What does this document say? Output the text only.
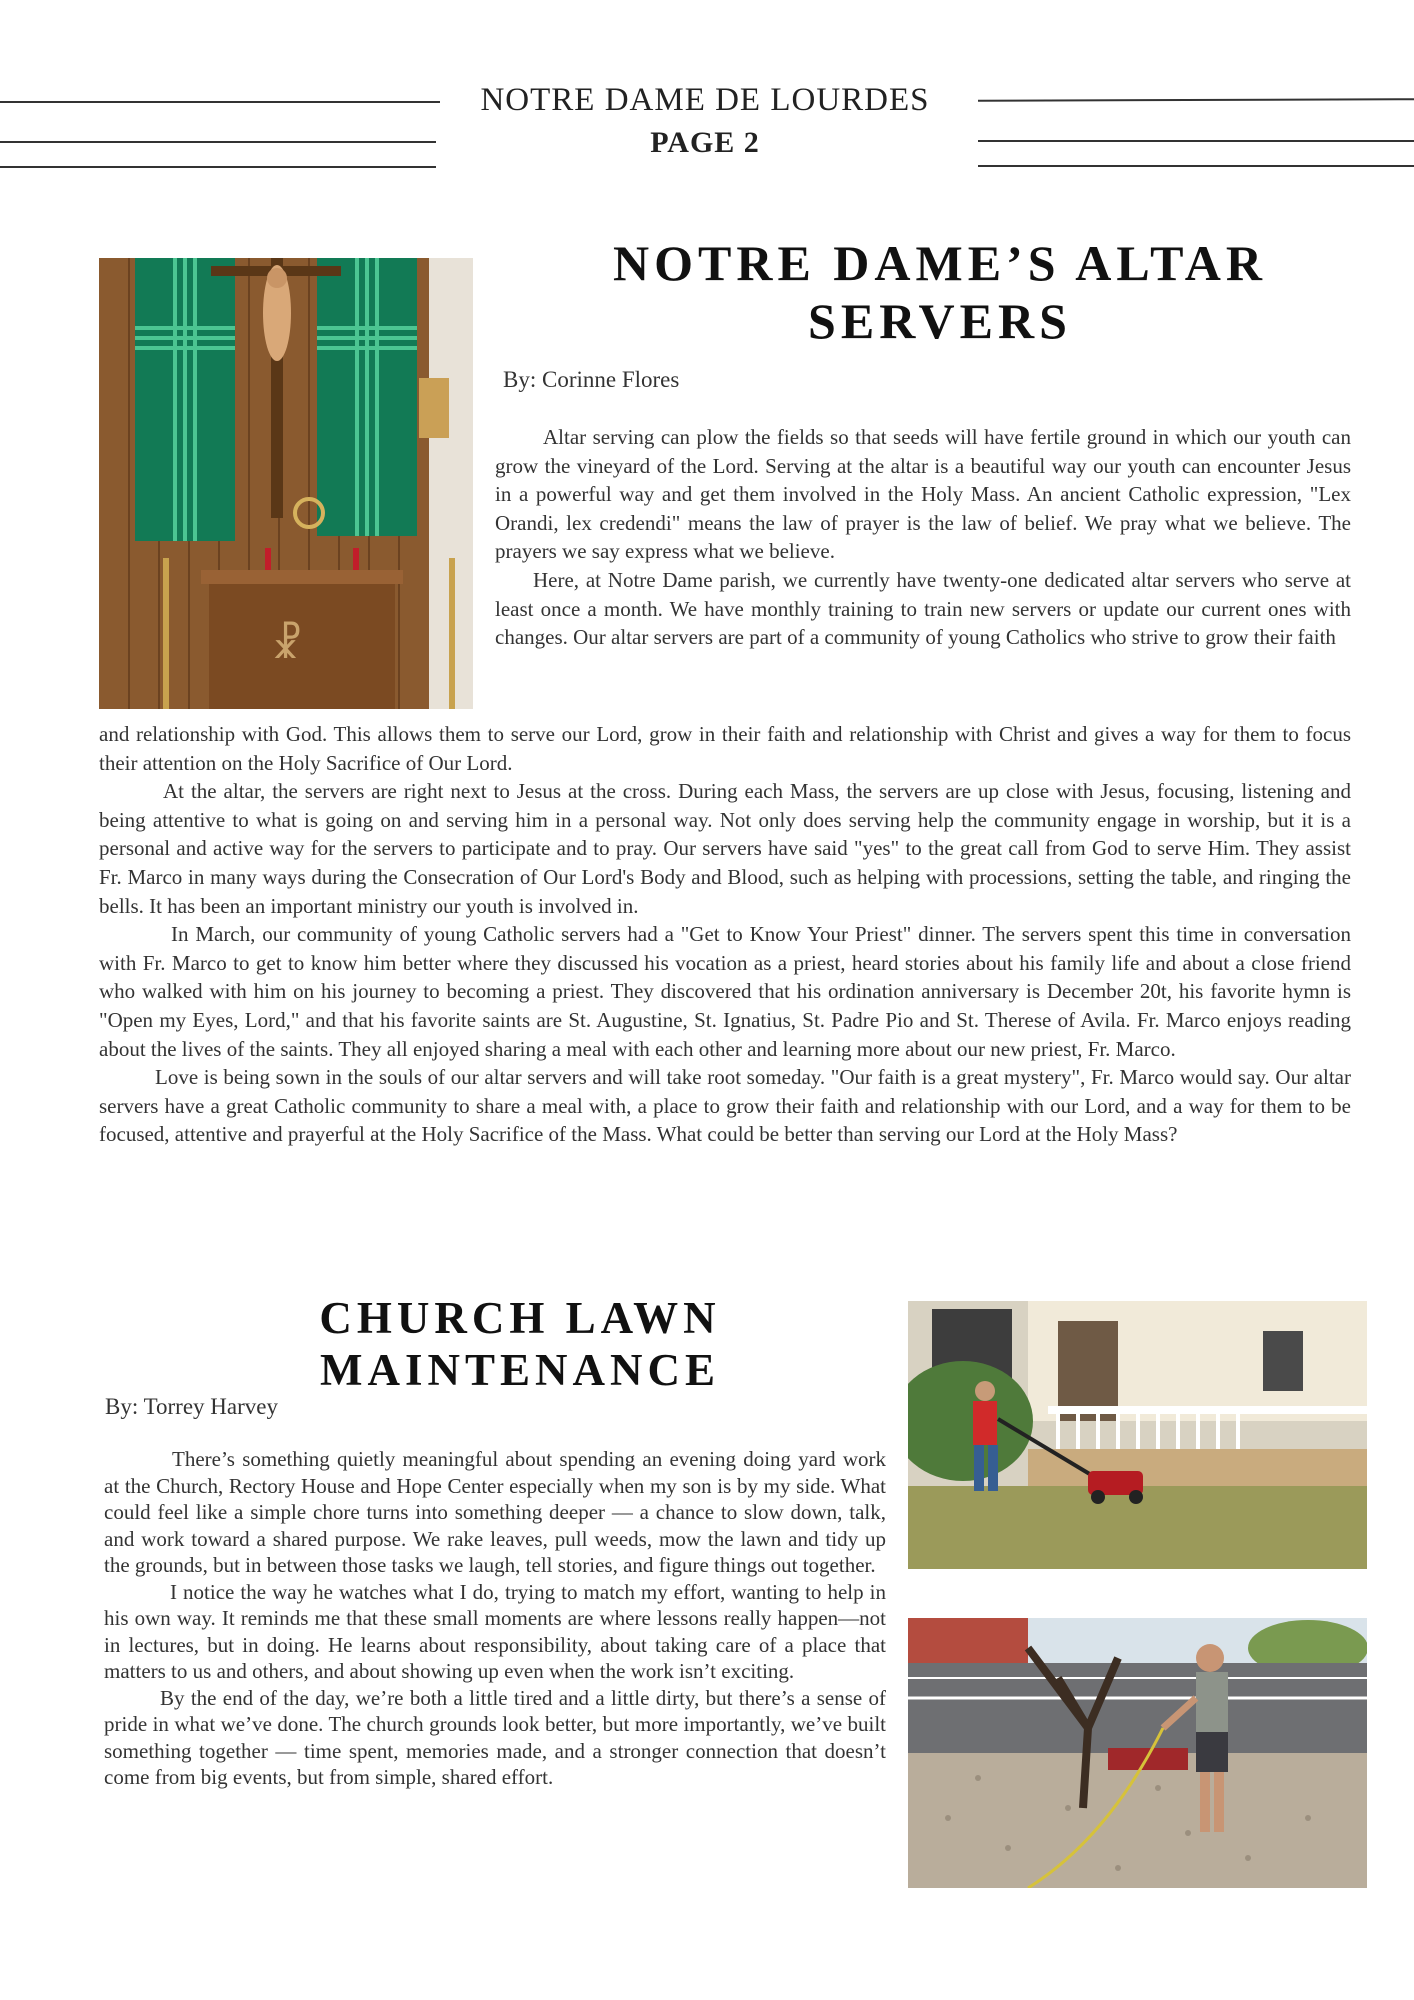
NOTRE DAME DE LOURDES
PAGE 2
☧
NOTRE DAME’S ALTAR
SERVERS
By: Corinne Flores

Altar serving can plow the fields so that seeds will have fertile ground in which our youth can grow the vineyard of the Lord. Serving at the altar is a beautiful way our youth can encounter Jesus in a powerful way and get them involved in the Holy Mass. An ancient Catholic expression, "Lex Orandi, lex credendi" means the law of prayer is the law of belief. We pray what we believe. The prayers we say express what we believe.

Here, at Notre Dame parish, we currently have twenty-one dedicated altar servers who serve at least once a month. We have monthly training to train new servers or update our current ones with changes. Our altar servers are part of a community of young Catholics who strive to grow their faith

and relationship with God. This allows them to serve our Lord, grow in their faith and relationship with Christ and gives a way for them to focus their attention on the Holy Sacrifice of Our Lord.

At the altar, the servers are right next to Jesus at the cross. During each Mass, the servers are up close with Jesus, focusing, listening and being attentive to what is going on and serving him in a personal way. Not only does serving help the community engage in worship, but it is a personal and active way for the servers to participate and to pray. Our servers have said "yes" to the great call from God to serve Him. They assist Fr. Marco in many ways during the Consecration of Our Lord's Body and Blood, such as helping with processions, setting the table, and ringing the bells. It has been an important ministry our youth is involved in.

In March, our community of young Catholic servers had a "Get to Know Your Priest" dinner. The servers spent this time in conversation with Fr. Marco to get to know him better where they discussed his vocation as a priest, heard stories about his family life and about a close friend who walked with him on his journey to becoming a priest. They discovered that his ordination anniversary is December 20t, his favorite hymn is "Open my Eyes, Lord," and that his favorite saints are St. Augustine, St. Ignatius, St. Padre Pio and St. Therese of Avila. Fr. Marco enjoys reading about the lives of the saints. They all enjoyed sharing a meal with each other and learning more about our new priest, Fr. Marco.

Love is being sown in the souls of our altar servers and will take root someday. "Our faith is a great mystery", Fr. Marco would say. Our altar servers have a great Catholic community to share a meal with, a place to grow their faith and relationship with our Lord, and a way for them to be focused, attentive and prayerful at the Holy Sacrifice of the Mass. What could be better than serving our Lord at the Holy Mass?

CHURCH LAWN
MAINTENANCE
By: Torrey Harvey

There’s something quietly meaningful about spending an evening doing yard work at the Church, Rectory House and Hope Center especially when my son is by my side. What could feel like a simple chore turns into something deeper — a chance to slow down, talk, and work toward a shared purpose. We rake leaves, pull weeds, mow the lawn and tidy up the grounds, but in between those tasks we laugh, tell stories, and figure things out together.

I notice the way he watches what I do, trying to match my effort, wanting to help in his own way. It reminds me that these small moments are where lessons really happen—not in lectures, but in doing. He learns about responsibility, about taking care of a place that matters to us and others, and about showing up even when the work isn’t exciting.

By the end of the day, we’re both a little tired and a little dirty, but there’s a sense of pride in what we’ve done. The church grounds look better, but more importantly, we’ve built something together — time spent, memories made, and a stronger connection that doesn’t come from big events, but from simple, shared effort.
